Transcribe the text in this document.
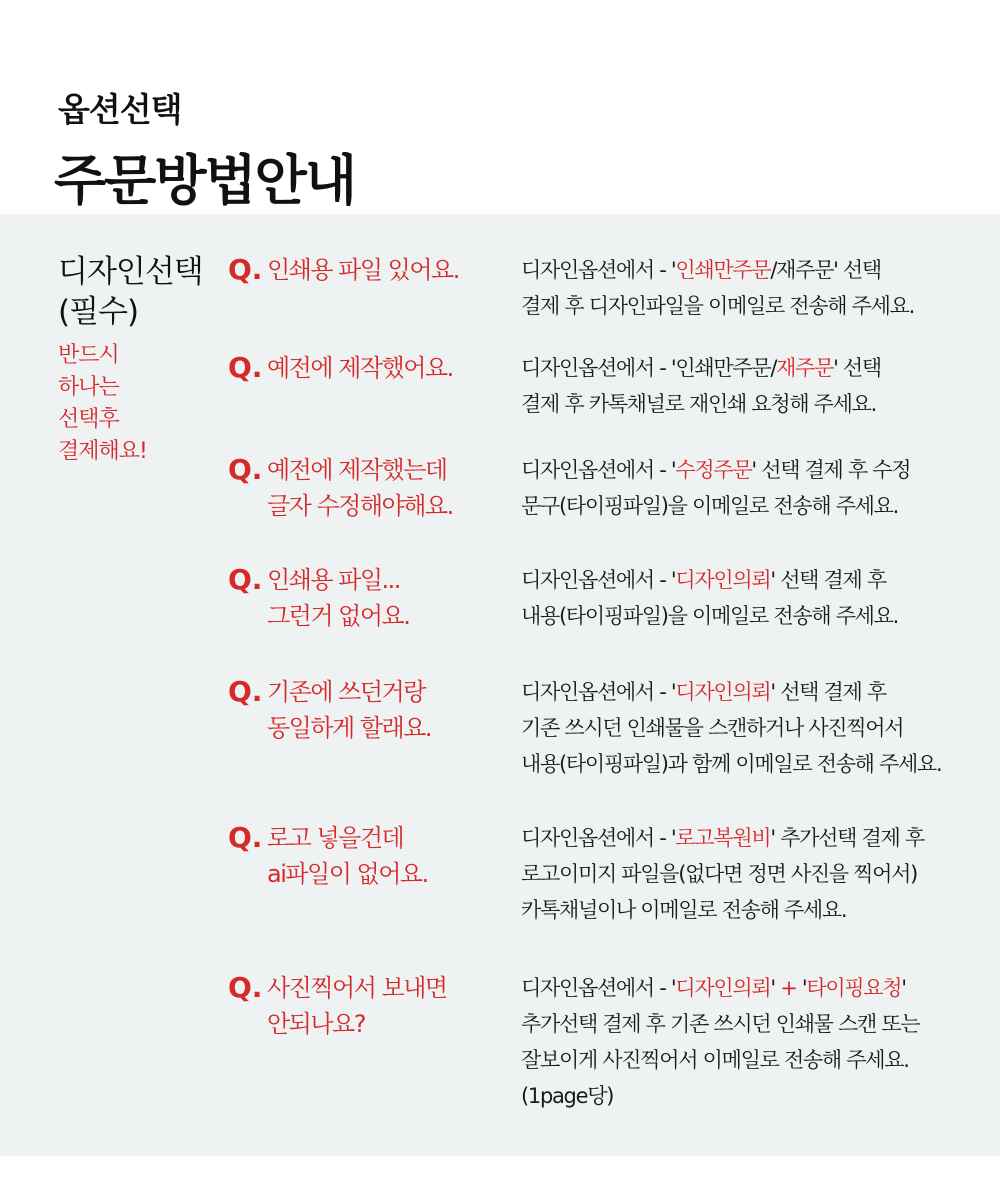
옵션선택
주문방법안내
디자인선택
(필수)
반드시
하나는
선택후
결제해요!
Q. 인쇄용 파일 있어요.	디자인옵션에서 - '인쇄만주문/재주문' 선택
결제 후 디자인파일을 이메일로 전송해 주세요.
Q. 예전에 제작했어요.	디자인옵션에서 - '인쇄만주문/재주문' 선택
결제 후 카톡채널로 재인쇄 요청해 주세요.
Q. 예전에 제작했는데
글자 수정해야해요.
디자인옵션에서 - '수정주문' 선택 결제 후 수정
문구(타이핑파일)을 이메일로 전송해 주세요.
Q. 인쇄용 파일...
그런거 없어요.
디자인옵션에서 - '디자인의뢰' 선택 결제 후
내용(타이핑파일)을 이메일로 전송해 주세요.
Q. 기존에 쓰던거랑
동일하게 할래요.
디자인옵션에서 - '디자인의뢰' 선택 결제 후
기존 쓰시던 인쇄물을 스캔하거나 사진찍어서
내용(타이핑파일)과 함께 이메일로 전송해 주세요.
Q. 로고 넣을건데
ai파일이 없어요.
디자인옵션에서 - '로고복원비' 추가선택 결제 후
로고이미지 파일을(없다면 정면 사진을 찍어서)
카톡채널이나 이메일로 전송해 주세요.
Q. 사진찍어서 보내면
안되나요?
디자인옵션에서 - '디자인의뢰' + '타이핑요청'
추가선택 결제 후 기존 쓰시던 인쇄물 스캔 또는
잘보이게 사진찍어서 이메일로 전송해 주세요.
(1page당)
